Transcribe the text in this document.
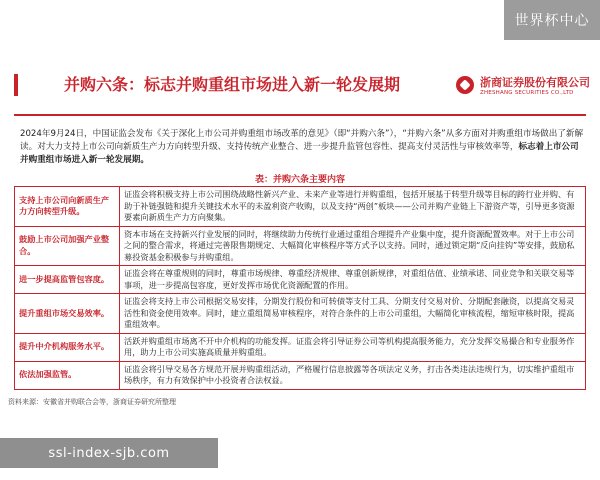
世界杯中心
并购六条：标志并购重组市场进入新一轮发展期	浙商证券股份有限公司
ZHESHANG SECURITIES CO.,LTD
2024年9月24日，中国证监会发布《关于深化上市公司并购重组市场改革的意见》（即“并购六条”），“并购六条”从多方面对并购重组市场做出了新解读。对大力支持上市公司向新质生产力方向转型升级、支持传统产业整合、进一步提升监管包容性、提高支付灵活性与审核效率等，标志着上市公司并购重组市场进入新一轮发展期。
表：并购六条主要内容
支持上市公司向新质生产力方向转型升级。	证监会将积极支持上市公司围绕战略性新兴产业、未来产业等进行并购重组，包括开展基于转型升级等目标的跨行业并购、有助于补链强链和提升关键技术水平的未盈利资产收购，以及支持“两创”板块——公司并购产业链上下游资产等，引导更多资源要素向新质生产力方向聚集。
鼓励上市公司加强产业整合。	资本市场在支持新兴行业发展的同时，将继续助力传统行业通过重组合理提升产业集中度，提升资源配置效率。对于上市公司之间的整合需求，将通过完善限售期规定、大幅简化审核程序等方式予以支持。同时，通过锁定期“反向挂钩”等安排，鼓励私募投资基金积极参与并购重组。
进一步提高监管包容度。	证监会将在尊重规则的同时，尊重市场规律、尊重经济规律、尊重创新规律，对重组估值、业绩承诺、同业竞争和关联交易等事项，进一步提高包容度，更好发挥市场优化资源配置的作用。
提升重组市场交易效率。	证监会将支持上市公司根据交易安排，分期发行股份和可转债等支付工具、分期支付交易对价、分期配套融资，以提高交易灵活性和资金使用效率。同时，建立重组简易审核程序，对符合条件的上市公司重组，大幅简化审核流程，缩短审核时限，提高重组效率。
提升中介机构服务水平。	活跃并购重组市场离不开中介机构的功能发挥。证监会将引导证券公司等机构提高服务能力，充分发挥交易撮合和专业服务作用，助力上市公司实施高质量并购重组。
依法加强监管。	证监会将引导交易各方规范开展并购重组活动，严格履行信息披露等各项法定义务，打击各类违法违规行为，切实维护重组市场秩序，有力有效保护中小投资者合法权益。
资料来源：安徽省并购联合会等，浙商证券研究所整理
ssl-index-sjb.com
